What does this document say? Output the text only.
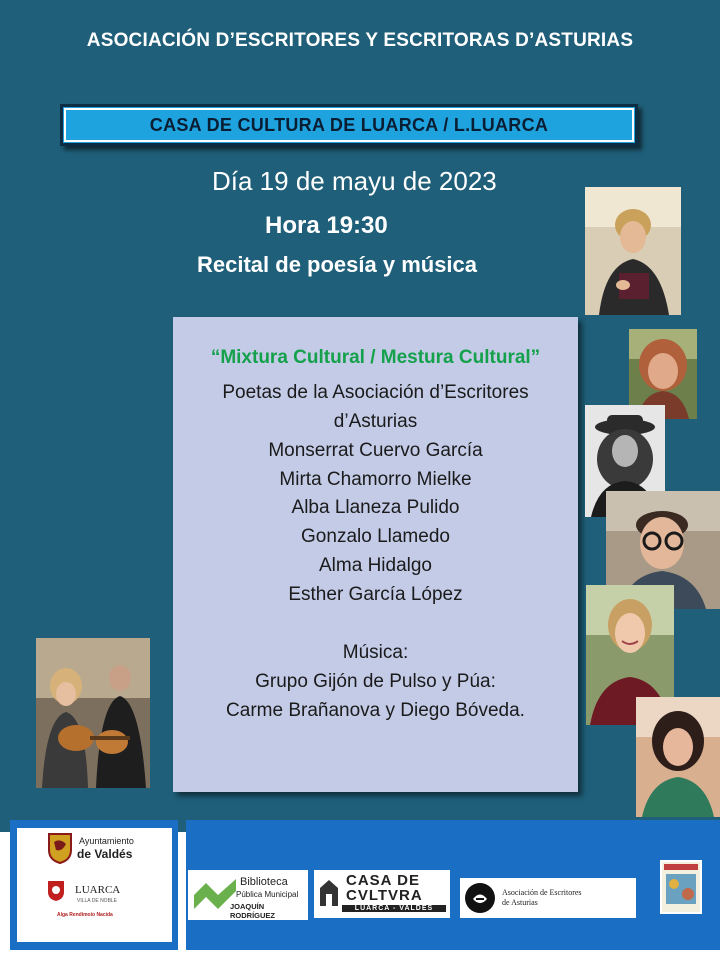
ASOCIACIÓN D’ESCRITORES Y ESCRITORAS D’ASTURIAS
CASA DE CULTURA DE LUARCA / L.LUARCA
Día 19 de mayu de 2023
Hora 19:30
Recital de poesía y música
“Mixtura Cultural / Mestura Cultural”
Poetas de la Asociación d’Escritores
d’Asturias
Monserrat Cuervo García
Mirta Chamorro Mielke
Alba Llaneza Pulido
Gonzalo Llamedo
Alma Hidalgo
Esther García López
Música:
Grupo Gijón de Pulso y Púa:
Carme Brañanova y Diego Bóveda.
Ayuntamiento
de Valdés
LUARCA
VILLA DE NOBLE
Alga Rendimoio Nacida
Biblioteca
Pública Municipal
JOAQUÍN RODRÍGUEZ
CASA DE
CVLTVRA
LUARCA - VALDÉS
Asociación de Escritores
de Asturias
